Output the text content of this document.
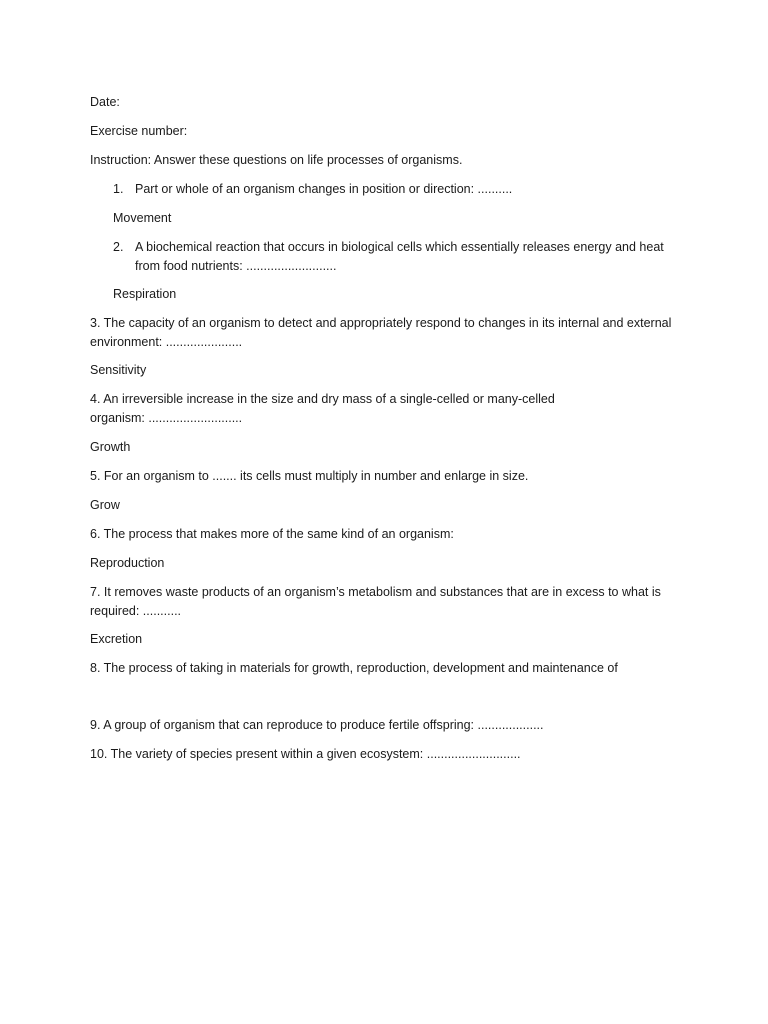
Date:
Exercise number:
Instruction: Answer these questions on life processes of organisms.
1. Part or whole of an organism changes in position or direction: ..........
Movement
2. A biochemical reaction that occurs in biological cells which essentially releases energy and heat from food nutrients: ..........................
Respiration
3. The capacity of an organism to detect and appropriately respond to changes in its internal and external environment: ......................
Sensitivity
4. An irreversible increase in the size and dry mass of a single-celled or many-celled organism: ...........................
Growth
5. For an organism to ....... its cells must multiply in number and enlarge in size.
Grow
6. The process that makes more of the same kind of an organism:
Reproduction
7. It removes waste products of an organism’s metabolism and substances that are in excess to what is required: ...........
Excretion
8. The process of taking in materials for growth, reproduction, development and maintenance of
9. A group of organism that can reproduce to produce fertile offspring: ...................
10. The variety of species present within a given ecosystem: ...........................
